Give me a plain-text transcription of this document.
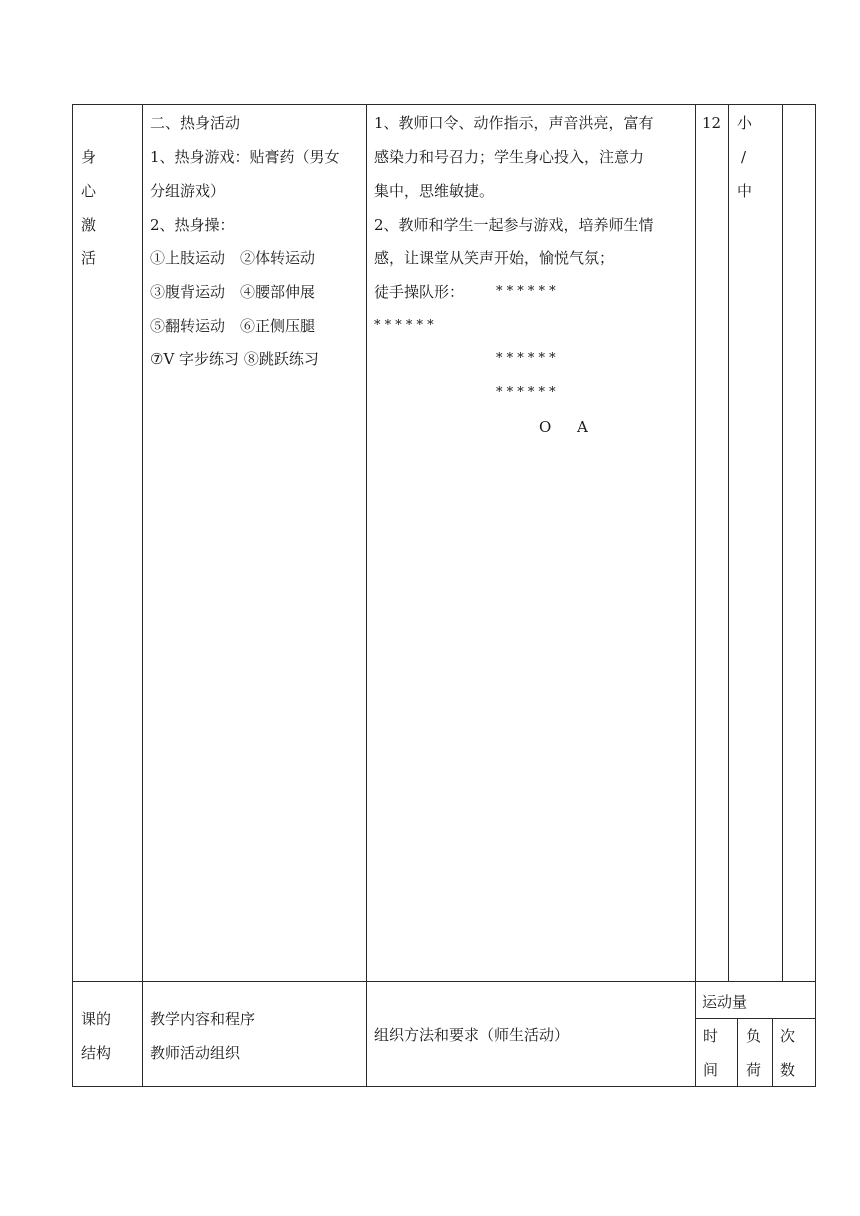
身
心
激
活
二、热身活动
1、热身游戏：贴膏药（男女
分组游戏）
2、热身操：
①上肢运动　②体转运动
③腹背运动　④腰部伸展
⑤翻转运动　⑥正侧压腿
⑦V 字步练习 ⑧跳跃练习
1、教师口令、动作指示，声音洪亮，富有
感染力和号召力；学生身心投入，注意力
集中，思维敏捷。
2、教师和学生一起参与游戏，培养师生情
感，让课堂从笑声开始，愉悦气氛；
徒手操队形： * * * * * *
* * * * * *
* * * * * *
* * * * * *
O A
12 小
/
中
课的
结构
教学内容和程序
教师活动组织
组织方法和要求（师生活动）
运动量
时
间
负
荷
次
数
